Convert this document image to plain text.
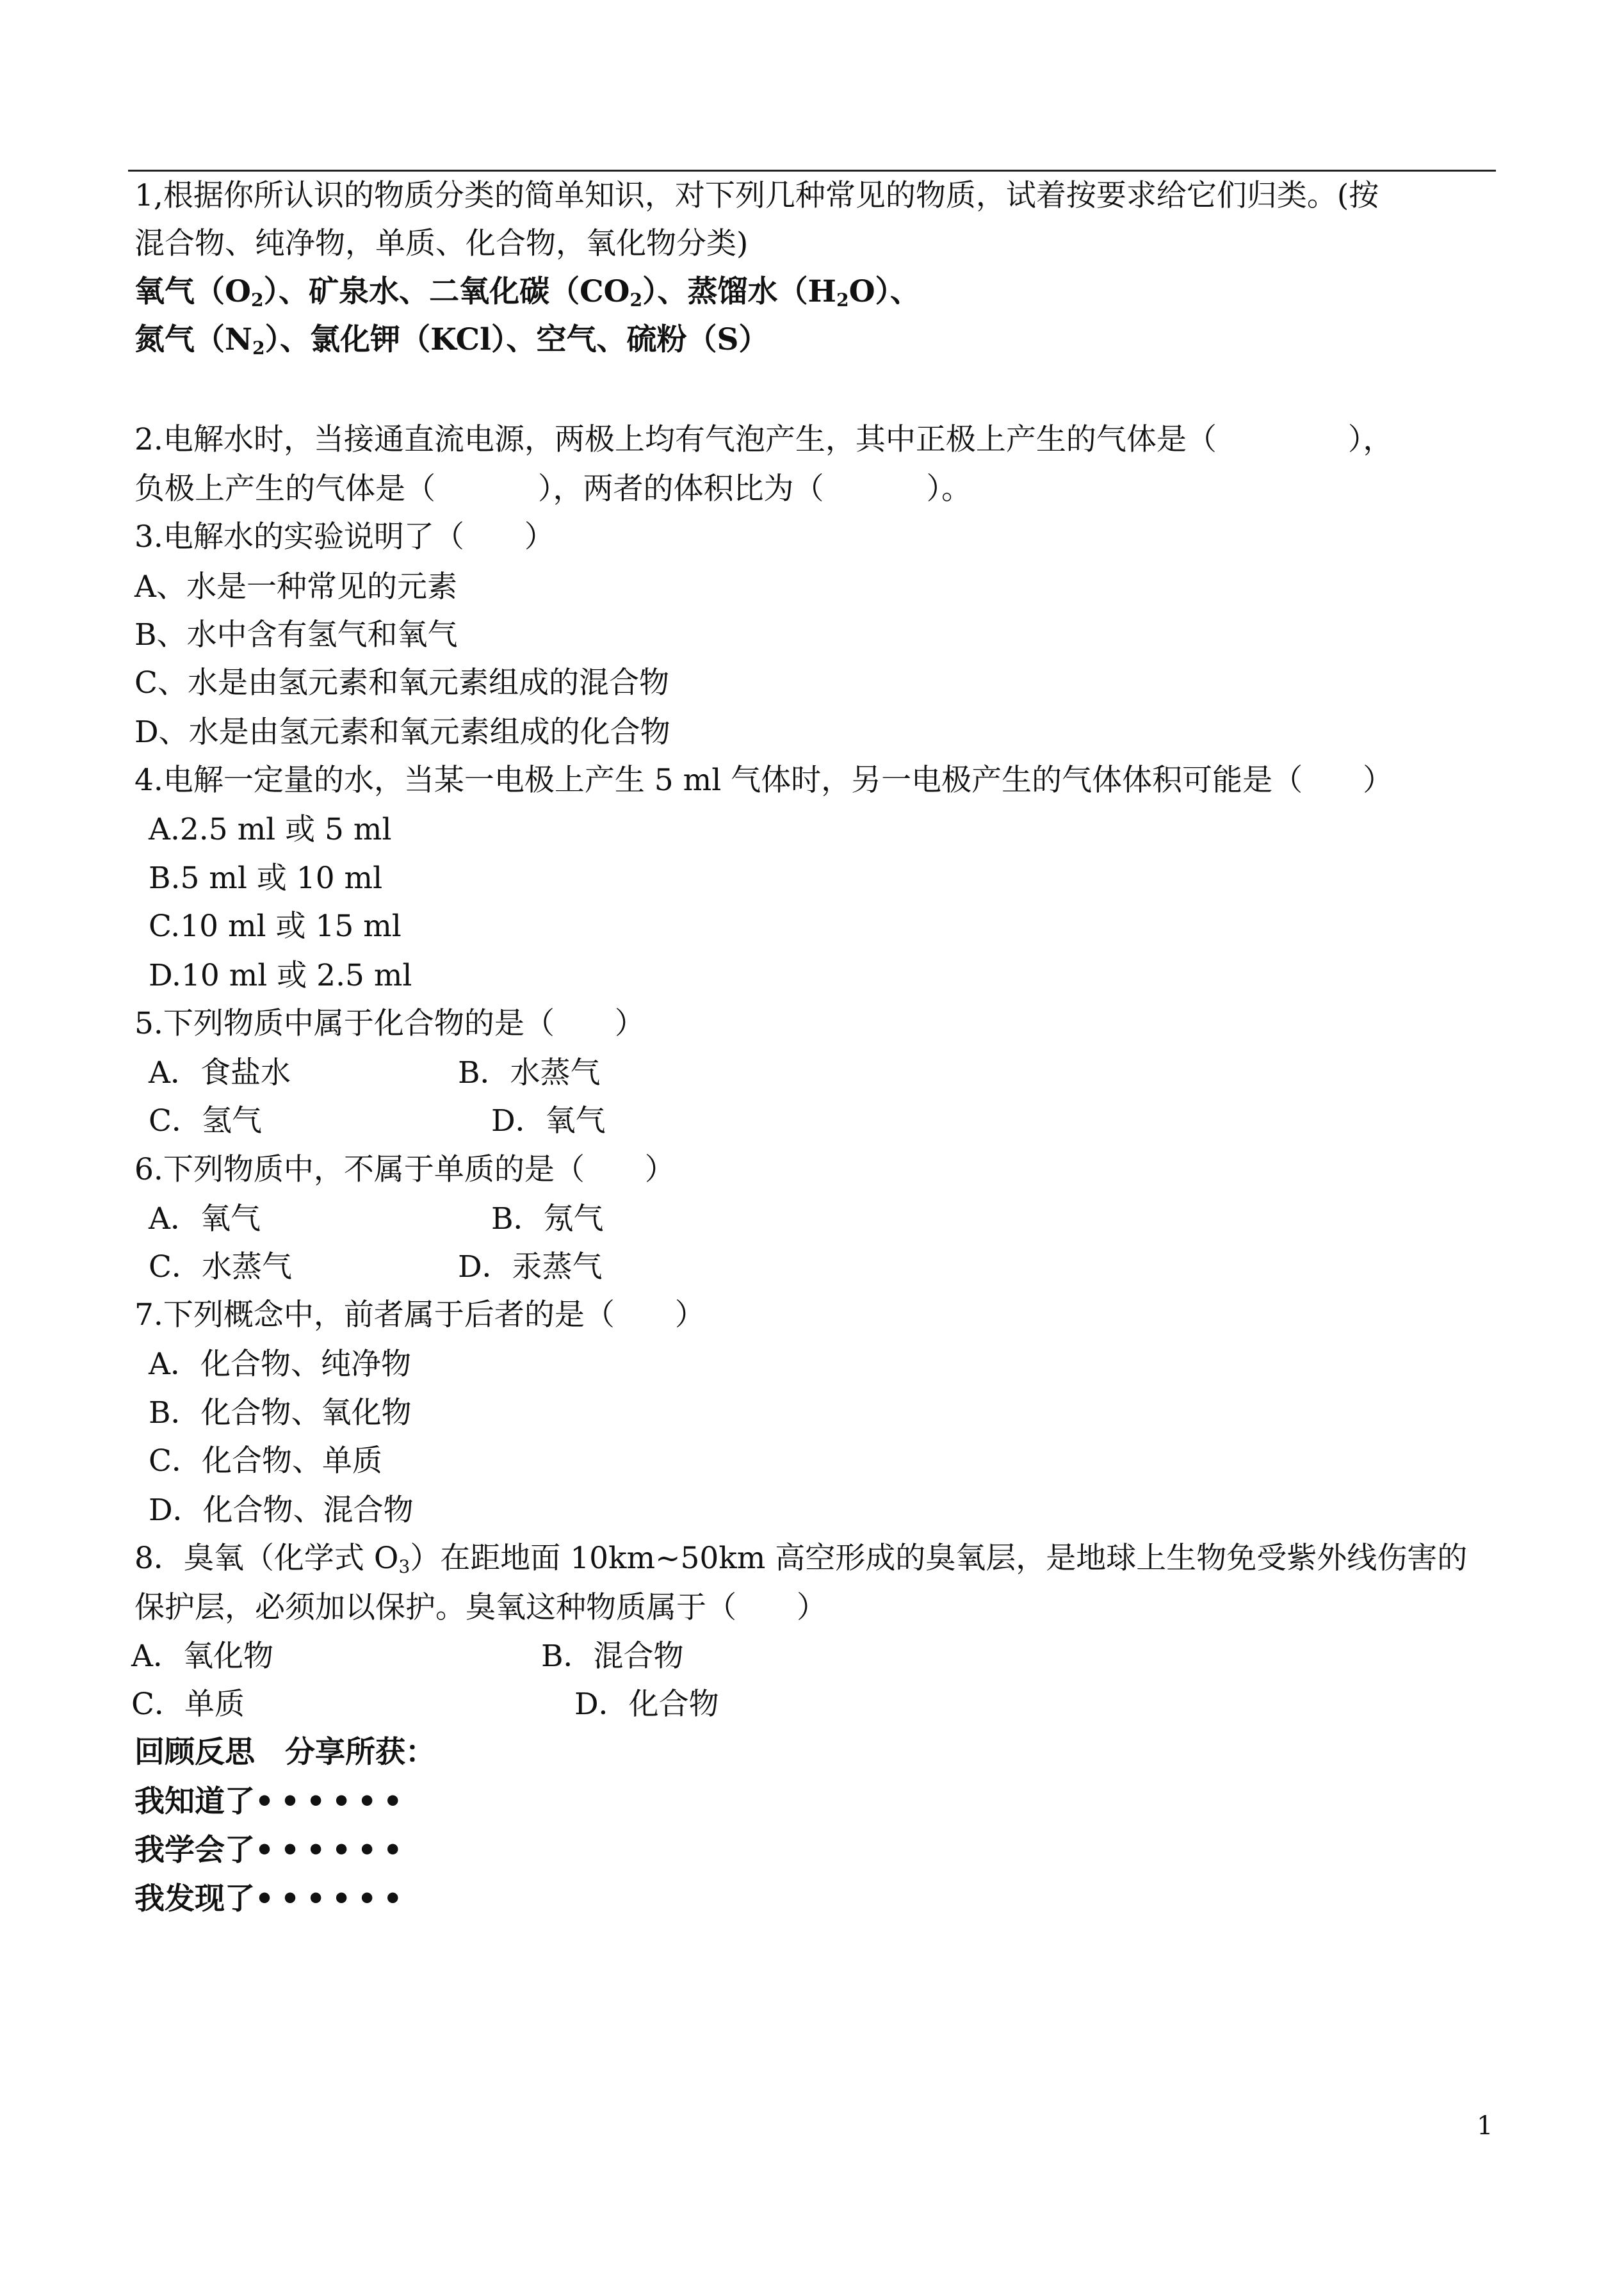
1,根据你所认识的物质分类的简单知识，对下列几种常见的物质，试着按要求给它们归类。(按
混合物、纯净物，单质、化合物，氧化物分类)
氧气$(O_2)$、矿泉水、二氧化碳$(CO_2)$、蒸馏水$(H_2O)$、
氮气$(N_2)$、氯化钾（KCl）、空气、硫粉（S）
2.电解水时，当接通直流电源，两极上均有气泡产生，其中正极上产生的气体是（	），
负极上产生的气体是（	），两者的体积比为（	）。
3.电解水的实验说明了（　　）
A、水是一种常见的元素
B、水中含有氢气和氧气
C、水是由氢元素和氧元素组成的混合物
D、水是由氢元素和氧元素组成的化合物
4.电解一定量的水，当某一电极上产生 5 ml 气体时，另一电极产生的气体体积可能是（　　）
A.2.5 ml 或 5 ml
B.5 ml 或 10 ml
C.10 ml 或 15 ml
D.10 ml 或 2.5 ml
5.下列物质中属于化合物的是（　　）
A．食盐水	B．水蒸气
C．氢气	D．氧气
6.下列物质中，不属于单质的是（　　）
A．氧气	B．氖气
C．水蒸气	D．汞蒸气
7.下列概念中，前者属于后者的是（　　）
A．化合物、纯净物
B．化合物、氧化物
C．化合物、单质
D．化合物、混合物
8．臭氧（化学式 $O_3$）在距地面 10km~50km 高空形成的臭氧层，是地球上生物免受紫外线伤害的
保护层，必须加以保护。臭氧这种物质属于（　　）
A．氧化物	B．混合物
C．单质	D．化合物
回顾反思　分享所获：
我知道了••••••
我学会了••••••
我发现了••••••
1
